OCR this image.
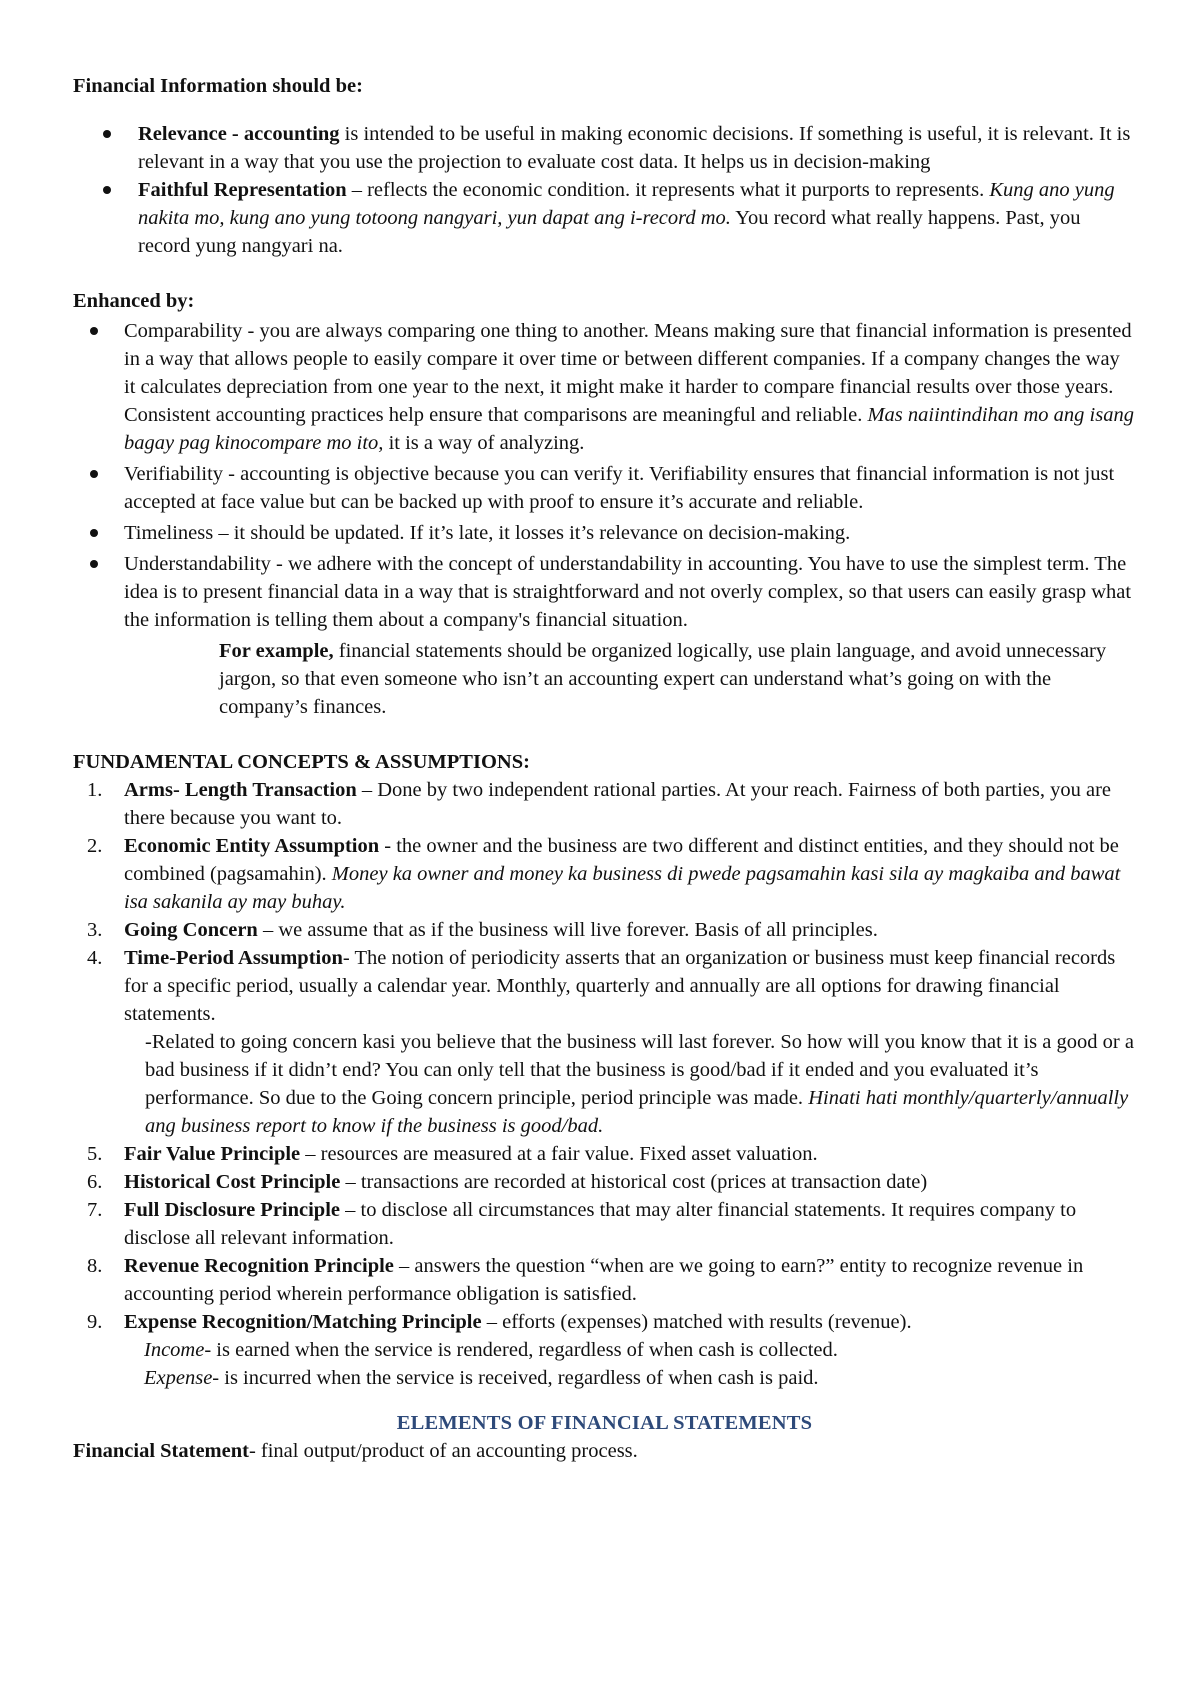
Financial Information should be:

Relevance - accounting is intended to be useful in making economic decisions. If something is useful, it is relevant. It is relevant in a way that you use the projection to evaluate cost data. It helps us in decision-making
Faithful Representation – reflects the economic condition. it represents what it purports to represents. Kung ano yung nakita mo, kung ano yung totoong nangyari, yun dapat ang i-record mo. You record what really happens. Past, you record yung nangyari na.

Enhanced by:

Comparability - you are always comparing one thing to another. Means making sure that financial information is presented in a way that allows people to easily compare it over time or between different companies. If a company changes the way it calculates depreciation from one year to the next, it might make it harder to compare financial results over those years. Consistent accounting practices help ensure that comparisons are meaningful and reliable. Mas naiintindihan mo ang isang bagay pag kinocompare mo ito, it is a way of analyzing.
Verifiability - accounting is objective because you can verify it. Verifiability ensures that financial information is not just accepted at face value but can be backed up with proof to ensure it’s accurate and reliable.
Timeliness – it should be updated. If it’s late, it losses it’s relevance on decision-making.
Understandability - we adhere with the concept of understandability in accounting. You have to use the simplest term. The idea is to present financial data in a way that is straightforward and not overly complex, so that users can easily grasp what the information is telling them about a company's financial situation.

For example, financial statements should be organized logically, use plain language, and avoid unnecessary jargon, so that even someone who isn’t an accounting expert can understand what’s going on with the company’s finances.

FUNDAMENTAL CONCEPTS & ASSUMPTIONS:

1. Arms- Length Transaction – Done by two independent rational parties. At your reach. Fairness of both parties, you are there because you want to.
2. Economic Entity Assumption - the owner and the business are two different and distinct entities, and they should not be combined (pagsamahin). Money ka owner and money ka business di pwede pagsamahin kasi sila ay magkaiba and bawat isa sakanila ay may buhay.
3. Going Concern – we assume that as if the business will live forever. Basis of all principles.
4. Time-Period Assumption- The notion of periodicity asserts that an organization or business must keep financial records for a specific period, usually a calendar year. Monthly, quarterly and annually are all options for drawing financial statements.

-Related to going concern kasi you believe that the business will last forever. So how will you know that it is a good or a bad business if it didn’t end? You can only tell that the business is good/bad if it ended and you evaluated it’s performance. So due to the Going concern principle, period principle was made. Hinati hati monthly/quarterly/annually ang business report to know if the business is good/bad.

5. Fair Value Principle – resources are measured at a fair value. Fixed asset valuation.
6. Historical Cost Principle – transactions are recorded at historical cost (prices at transaction date)
7. Full Disclosure Principle – to disclose all circumstances that may alter financial statements. It requires company to disclose all relevant information.
8. Revenue Recognition Principle – answers the question “when are we going to earn?” entity to recognize revenue in accounting period wherein performance obligation is satisfied.
9. Expense Recognition/Matching Principle – efforts (expenses) matched with results (revenue).

Income- is earned when the service is rendered, regardless of when cash is collected.

Expense- is incurred when the service is received, regardless of when cash is paid.

ELEMENTS OF FINANCIAL STATEMENTS

Financial Statement- final output/product of an accounting process.
